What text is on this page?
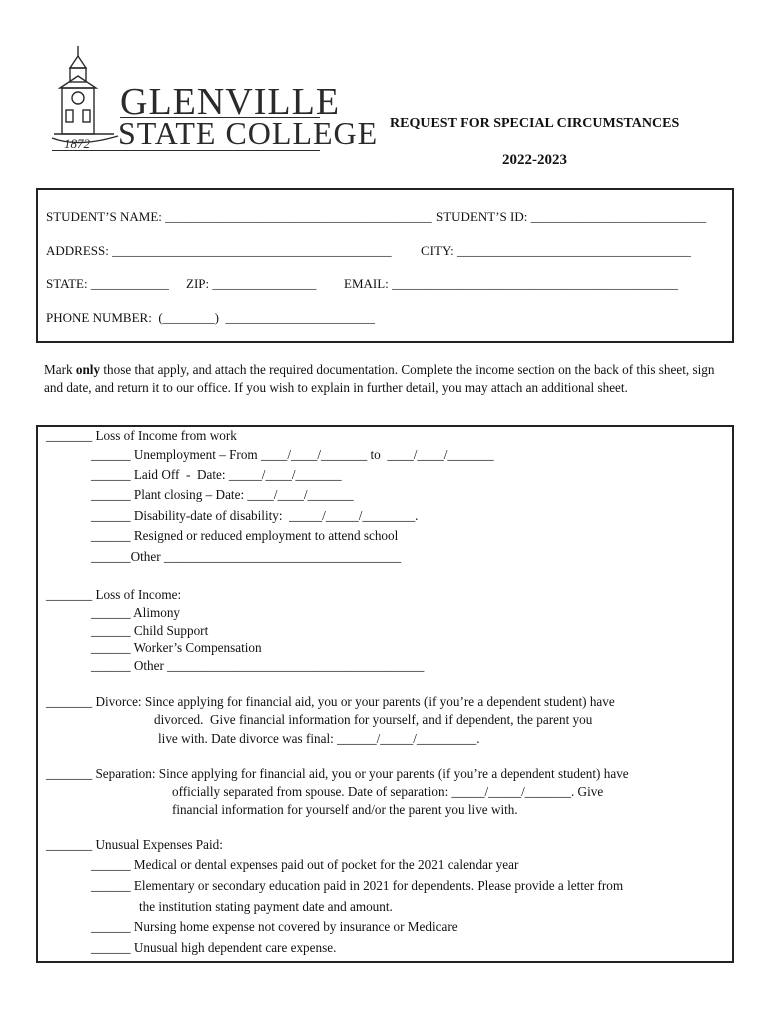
1872
GLENVILLE
STATE COLLEGE REQUEST FOR SPECIAL CIRCUMSTANCES
2022-2023
STUDENT’S NAME: _________________________________________ STUDENT’S ID: ___________________________
ADDRESS: ___________________________________________ CITY: ____________________________________
STATE: ____________ ZIP: ________________ EMAIL: ____________________________________________
PHONE NUMBER:  (________)  _______________________
Mark only those that apply, and attach the required documentation. Complete the income section on the back of this sheet, sign and date, and return it to our office. If you wish to explain in further detail, you may attach an additional sheet.
_______ Loss of Income from work
______ Unemployment – From ____/____/_______ to  ____/____/_______
______ Laid Off  -  Date: _____/____/_______
______ Plant closing – Date: ____/____/_______
______ Disability-date of disability:  _____/_____/________.
______ Resigned or reduced employment to attend school
______Other ____________________________________
_______ Loss of Income:
______ Alimony
______ Child Support
______ Worker’s Compensation
______ Other _______________________________________
_______ Divorce: Since applying for financial aid, you or your parents (if you’re a dependent student) have
divorced.  Give financial information for yourself, and if dependent, the parent you
live with. Date divorce was final: ______/_____/_________.
_______ Separation: Since applying for financial aid, you or your parents (if you’re a dependent student) have
officially separated from spouse. Date of separation: _____/_____/_______. Give
financial information for yourself and/or the parent you live with.
_______ Unusual Expenses Paid:
______ Medical or dental expenses paid out of pocket for the 2021 calendar year
______ Elementary or secondary education paid in 2021 for dependents. Please provide a letter from
the institution stating payment date and amount.
______ Nursing home expense not covered by insurance or Medicare
______ Unusual high dependent care expense.
